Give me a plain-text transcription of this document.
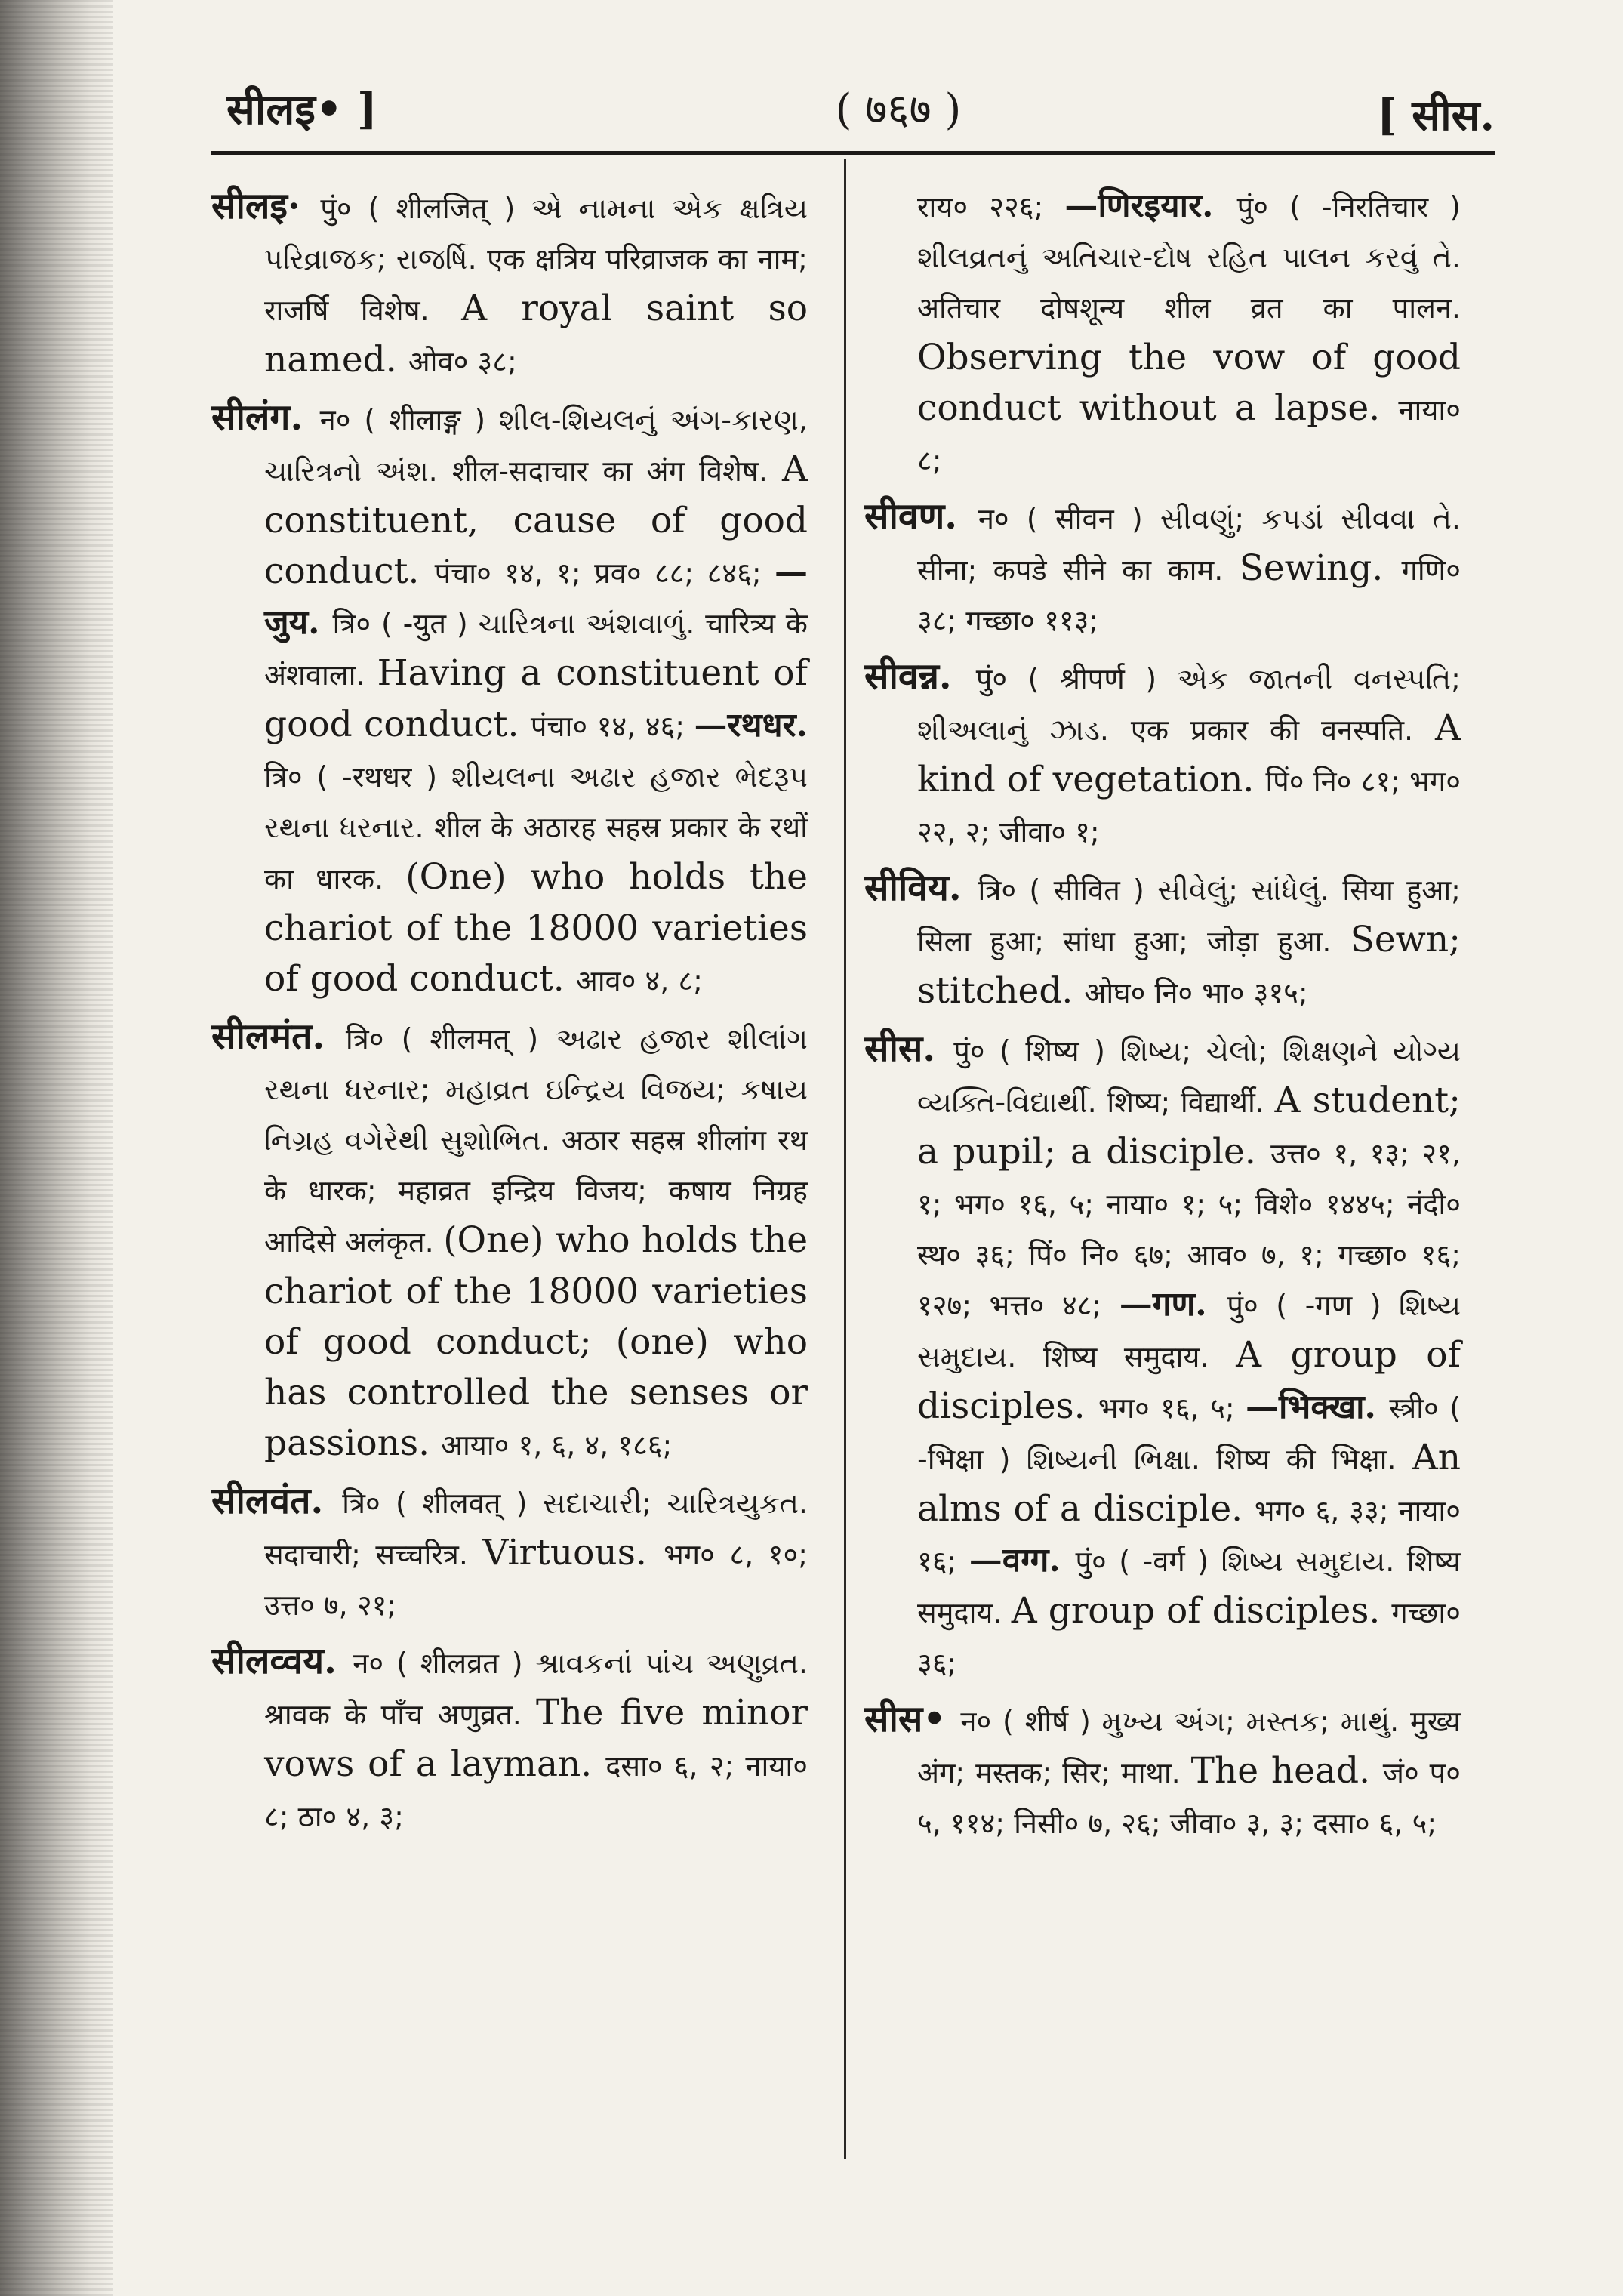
सीलइ• ]	( ७६७ )	[ सीस.
सीलइ· पुं० ( शीलजित् ) એ નામના એક ક્ષત્રિય પરિવ્રાજક; રાજર્ષિ. एक क्षत्रिय परिव्राजक का नाम; राजर्षि विशेष. A royal saint so named. ओव० ३८;
सीलंग. न० ( शीलाङ्ग ) શીલ-શિયલનું અંગ-કારણ, ચારિત્રનો અંશ. शील-सदाचार का अंग विशेष. A constituent, cause of good conduct. पंचा० १४, १; प्रव० ८८; ८४६; —जुय. त्रि० ( -युत ) ચારિત્રના અંશવાળું. चारित्र्य के अंशवाला. Having a constituent of good conduct. पंचा० १४, ४६; —रथधर. त्रि० ( -रथधर ) શીયલના અઢાર હજાર ભેદરૂપ રથના ધરનાર. शील के अठारह सहस्र प्रकार के रथों का धारक. (One) who holds the chariot of the 18000 varieties of good conduct. आव० ४, ८;
सीलमंत. त्रि० ( शीलमत् ) અઢાર હજાર શીલાંગ રથના ધરનાર; મહાવ્રત ઇન્દ્રિય વિજય; કષાય નિગ્રહ વગેરેથી સુશોભિત. अठार सहस्र शीलांग रथ के धारक; महाव्रत इन्द्रिय विजय; कषाय निग्रह आदिसे अलंकृत. (One) who holds the chariot of the 18000 varieties of good conduct; (one) who has controlled the senses or passions. आया० १, ६, ४, १८६;
सीलवंत. त्रि० ( शीलवत् ) સદાચારી; ચારિત્રયુકત. सदाचारी; सच्चरित्र. Virtuous. भग० ८, १०; उत्त० ७, २१;
सीलव्वय. न० ( शीलव्रत ) શ્રાવકનાં પાંચ અણુવ્રત. श्रावक के पाँच अणुव्रत. The five minor vows of a layman. दसा० ६, २; नाया० ८; ठा० ४, ३;
राय० २२६; —णिरइयार. पुं० ( -निरतिचार ) શીલવ્રતનું અતિચાર-દોષ રહિત પાલન કરવું તે. अतिचार दोषशून्य शील व्रत का पालन. Observing the vow of good conduct without a lapse. नाया० ८;
सीवण. न० ( सीवन ) સીવણું; કપડાં સીવવા તે. सीना; कपडे सीने का काम. Sewing. गणि० ३८; गच्छा० ११३;
सीवन्न. पुं० ( श्रीपर्ण ) એક જાતની વનસ્પતિ; શીઅલાનું ઝાડ. एक प्रकार की वनस्पति. A kind of vegetation. पिं० नि० ८१; भग० २२, २; जीवा० १;
सीविय. त्रि० ( सीवित ) સીવેલું; સાંધેલું. सिया हुआ; सिला हुआ; सांधा हुआ; जोड़ा हुआ. Sewn; stitched. ओघ० नि० भा० ३१५;
सीस. पुं० ( शिष्य ) શિષ્ય; ચેલો; શિક્ષણને યોગ્ય વ્યક્તિ-વિદ્યાર્થી. शिष्य; विद्यार्थी. A student; a pupil; a disciple. उत्त० १, १३; २१, १; भग० १६, ५; नाया० १; ५; विशे० १४४५; नंदी० स्थ० ३६; पिं० नि० ६७; आव० ७, १; गच्छा० १६; १२७; भत्त० ४८; —गण. पुं० ( -गण ) શિષ્ય સમુદાય. शिष्य समुदाय. A group of disciples. भग० १६, ५; —भिक्खा. स्त्री० ( -भिक्षा ) શિષ્યની ભિક્ષા. शिष्य की भिक्षा. An alms of a disciple. भग० ६, ३३; नाया० १६; —वग्ग. पुं० ( -वर्ग ) શિષ્ય સમુદાય. शिष्य समुदाय. A group of disciples. गच्छा० ३६;
सीस• न० ( शीर्ष ) મુખ્ય અંગ; મસ્તક; માથું. मुख्य अंग; मस्तक; सिर; माथा. The head. जं० प० ५, ११४; निसी० ७, २६; जीवा० ३, ३; दसा० ६, ५;
